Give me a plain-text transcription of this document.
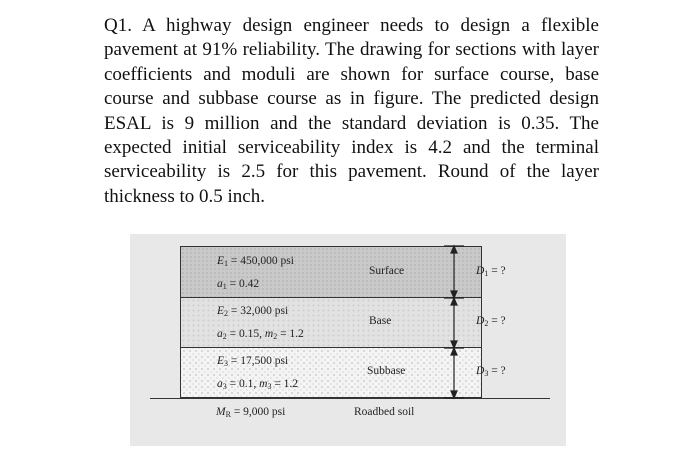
Q1. A highway design engineer needs to design a flexible pavement at 91% reliability. The drawing for sections with layer coefficients and moduli are shown for surface course, base course and subbase course as in figure. The predicted design ESAL is 9 million and the standard deviation is 0.35. The expected initial serviceability index is 4.2 and the terminal serviceability is 2.5 for this pavement. Round of the layer thickness to 0.5 inch.

$E_1 = 450,000$ psi
$a_1 = 0.42$
Surface
$E_2 = 32,000$ psi
$a_2 = 0.15$, $m_2 = 1.2$
Base
$E_3 = 17,500$ psi
$a_3 = 0.1$, $m_3 = 1.2$
Subbase
$M_R = 9,000$ psi	Roadbed soil
$D_1$ = ?
$D_2$ = ?
$D_3$ = ?
